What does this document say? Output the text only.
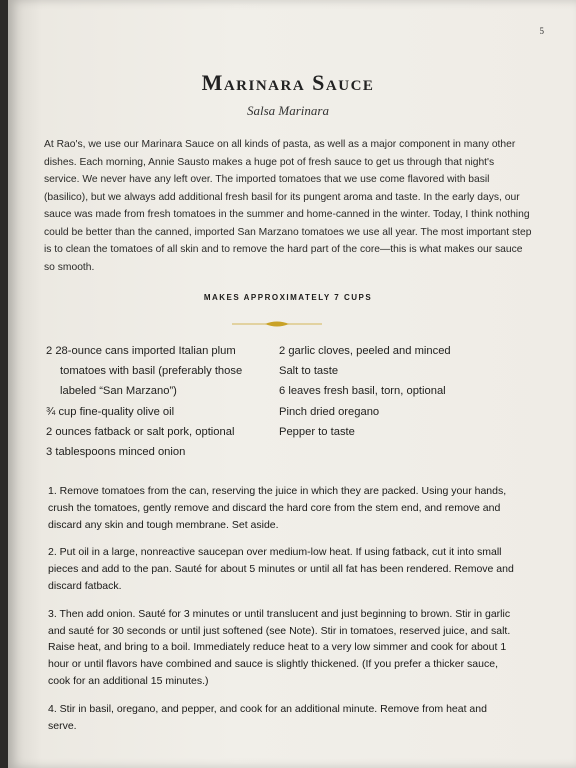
5
Marinara Sauce
Salsa Marinara

At Rao's, we use our Marinara Sauce on all kinds of pasta, as well as a major component in many other dishes. Each morning, Annie Sausto makes a huge pot of fresh sauce to get us through that night's service. We never have any left over. The imported tomatoes that we use come flavored with basil (basilico), but we always add additional fresh basil for its pungent aroma and taste. In the early days, our sauce was made from fresh tomatoes in the summer and home-canned in the winter. Today, I think nothing could be better than the canned, imported San Marzano tomatoes we use all year. The most important step is to clean the tomatoes of all skin and to remove the hard part of the core—this is what makes our sauce so smooth.

MAKES APPROXIMATELY 7 CUPS
2 28-ounce cans imported Italian plum
tomatoes with basil (preferably those
labeled “San Marzano”)
¾ cup fine-quality olive oil
2 ounces fatback or salt pork, optional
3 tablespoons minced onion
2 garlic cloves, peeled and minced
Salt to taste
6 leaves fresh basil, torn, optional
Pinch dried oregano
Pepper to taste

1. Remove tomatoes from the can, reserving the juice in which they are packed. Using your hands, crush the tomatoes, gently remove and discard the hard core from the stem end, and remove and discard any skin and tough membrane. Set aside.

2. Put oil in a large, nonreactive saucepan over medium-low heat. If using fatback, cut it into small pieces and add to the pan. Sauté for about 5 minutes or until all fat has been rendered. Remove and discard fatback.

3. Then add onion. Sauté for 3 minutes or until translucent and just beginning to brown. Stir in garlic and sauté for 30 seconds or until just softened (see Note). Stir in tomatoes, reserved juice, and salt. Raise heat, and bring to a boil. Immediately reduce heat to a very low simmer and cook for about 1 hour or until flavors have combined and sauce is slightly thickened. (If you prefer a thicker sauce, cook for an additional 15 minutes.)

4. Stir in basil, oregano, and pepper, and cook for an additional minute. Remove from heat and serve.
